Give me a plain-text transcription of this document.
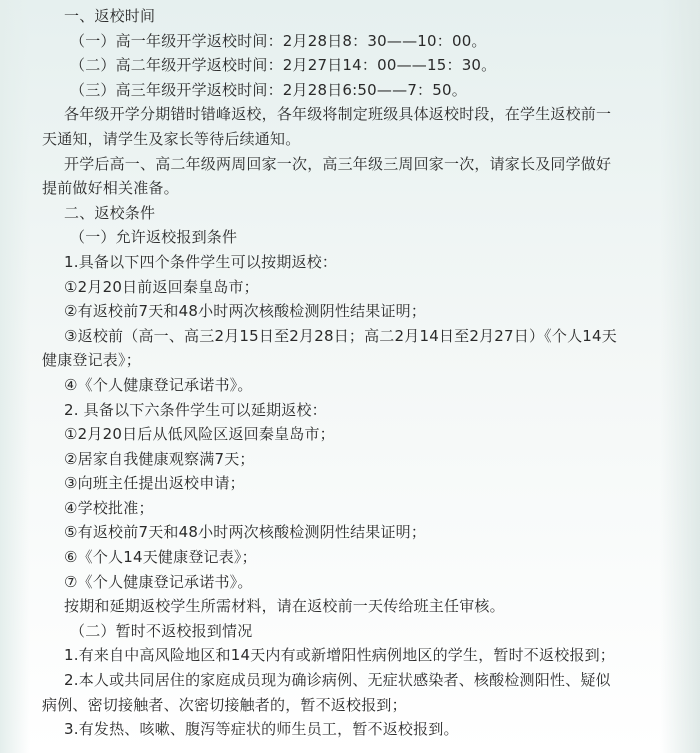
一、返校时间
（一）高一年级开学返校时间：2月28日8：30——10：00。
（二）高二年级开学返校时间：2月27日14：00——15：30。
（三）高三年级开学返校时间：2月28日6:50——7：50。
各年级开学分期错时错峰返校，各年级将制定班级具体返校时段，在学生返校前一
天通知，请学生及家长等待后续通知。
开学后高一、高二年级两周回家一次，高三年级三周回家一次，请家长及同学做好
提前做好相关准备。
二、返校条件
（一）允许返校报到条件
1.具备以下四个条件学生可以按期返校：
①2月20日前返回秦皇岛市；
②有返校前7天和48小时两次核酸检测阴性结果证明；
③返校前（高一、高三2月15日至2月28日；高二2月14日至2月27日）《个人14天
健康登记表》；
④《个人健康登记承诺书》。
2. 具备以下六条件学生可以延期返校：
①2月20日后从低风险区返回秦皇岛市；
②居家自我健康观察满7天；
③向班主任提出返校申请；
④学校批准；
⑤有返校前7天和48小时两次核酸检测阴性结果证明；
⑥《个人14天健康登记表》；
⑦《个人健康登记承诺书》。
按期和延期返校学生所需材料，请在返校前一天传给班主任审核。
（二）暂时不返校报到情况
1.有来自中高风险地区和14天内有或新增阳性病例地区的学生，暂时不返校报到；
2.本人或共同居住的家庭成员现为确诊病例、无症状感染者、核酸检测阳性、疑似
病例、密切接触者、次密切接触者的，暂不返校报到；
3.有发热、咳嗽、腹泻等症状的师生员工，暂不返校报到。
